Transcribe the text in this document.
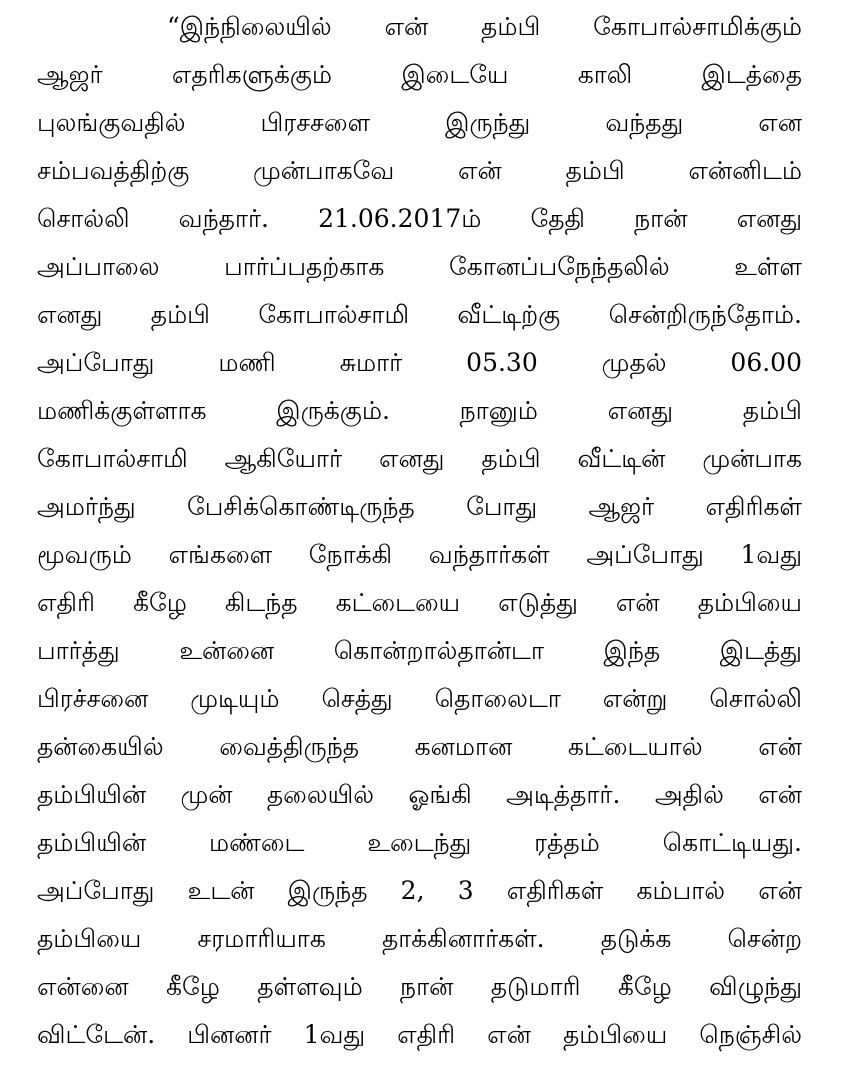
“இந்நிலையில் என் தம்பி கோபால்சாமிக்கும்
ஆஜர் எதரிகளுக்கும் இடையே காலி இடத்தை
புலங்குவதில் பிரசசளை இருந்து வந்தது என
சம்பவத்திற்கு முன்பாகவே என் தம்பி என்னிடம்
சொல்லி வந்தார். 21.06.2017ம் தேதி நான் எனது
அப்பாலை பார்ப்பதற்காக கோனப்பநேந்தலில் உள்ள
எனது தம்பி கோபால்சாமி வீட்டிற்கு சென்றிருந்தோம்.
அப்போது மணி சுமார் 05.30 முதல் 06.00
மணிக்குள்ளாக இருக்கும். நானும் எனது தம்பி
கோபால்சாமி ஆகியோர் எனது தம்பி வீட்டின் முன்பாக
அமர்ந்து பேசிக்கொண்டிருந்த போது ஆஜர் எதிரிகள்
மூவரும் எங்களை நோக்கி வந்தார்கள் அப்போது 1வது
எதிரி கீழே கிடந்த கட்டையை எடுத்து என் தம்பியை
பார்த்து உன்னை கொன்றால்தான்டா இந்த இடத்து
பிரச்சனை முடியும் செத்து தொலைடா என்று சொல்லி
தன்கையில் வைத்திருந்த கனமான கட்டையால் என்
தம்பியின் முன் தலையில் ஓங்கி அடித்தார். அதில் என்
தம்பியின் மண்டை உடைந்து ரத்தம் கொட்டியது.
அப்போது உடன் இருந்த 2, 3 எதிரிகள் கம்பால் என்
தம்பியை சரமாரியாக தாக்கினார்கள். தடுக்க சென்ற
என்னை கீழே தள்ளவும் நான் தடுமாரி கீழே விழுந்து
விட்டேன். பினனர் 1வது எதிரி என் தம்பியை நெஞ்சில்
